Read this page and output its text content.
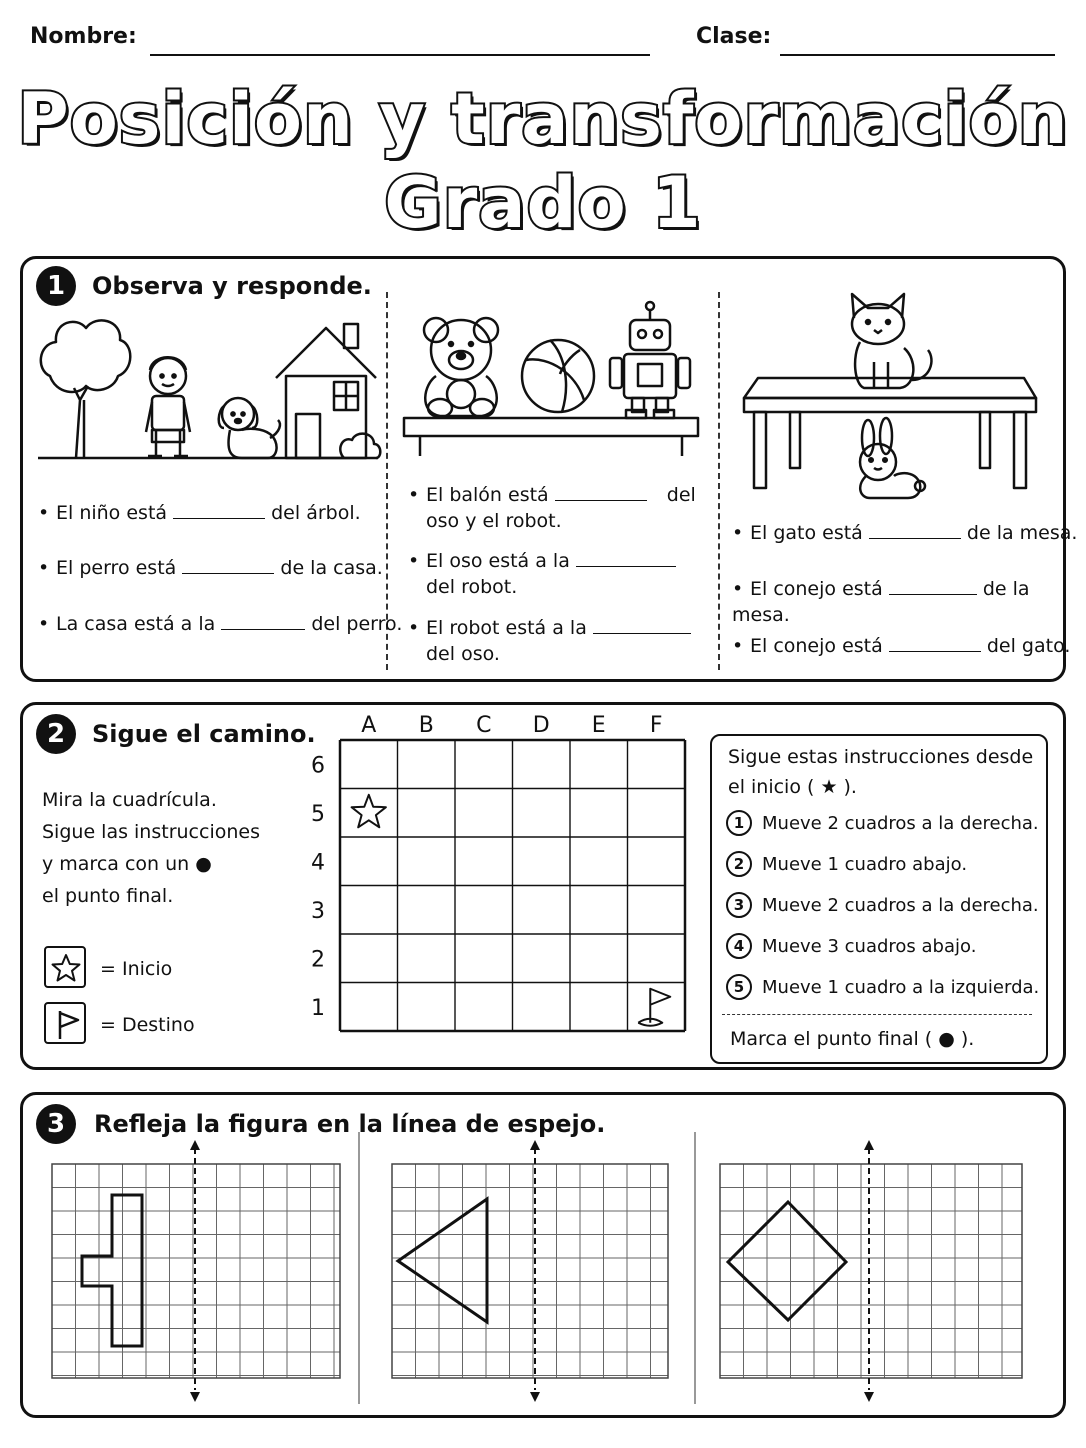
Nombre:	Clase:
Posición y transformación
Grado 1
1	Observa y responde.
• El niño está	del árbol.
• El perro está	de la casa.
• La casa está a la	del perro.
• El balón está	del
oso y el robot.
• El oso está a la
del robot.
• El robot está a la
del oso.
• El gato está	de la mesa.
• El conejo está	de la mesa.
• El conejo está	del gato.
2	Sigue el camino.
Mira la cuadrícula.
Sigue las instrucciones
y marca con un ●
el punto final.
= Inicio
= Destino
A B C D E F
6
5
4
3
2
1
Sigue estas instrucciones desde
el inicio ( ★ ).
1 Mueve 2 cuadros a la derecha.
2 Mueve 1 cuadro abajo.
3 Mueve 2 cuadros a la derecha.
4 Mueve 3 cuadros abajo.
5 Mueve 1 cuadro a la izquierda.
Marca el punto final ( ● ).
3	Refleja la figura en la línea de espejo.
